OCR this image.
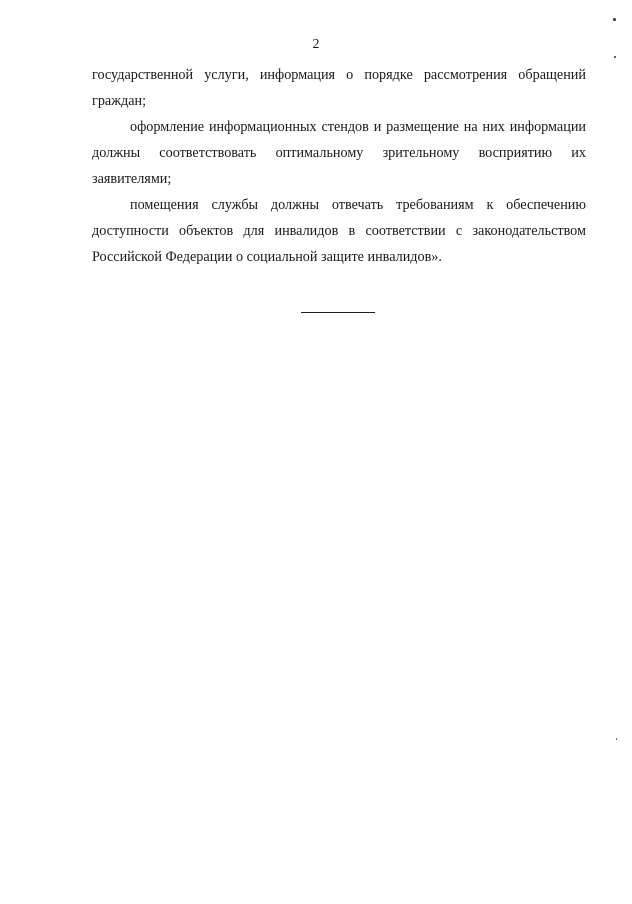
2

государственной услуги, информация о порядке рассмотрения обращений граждан;

оформление информационных стендов и размещение на них информации должны соответствовать оптимальному зрительному восприятию их заявителями;

помещения службы должны отвечать требованиям к обеспечению доступности объектов для инвалидов в соответствии с законодательством Российской Федерации о социальной защите инвалидов».
